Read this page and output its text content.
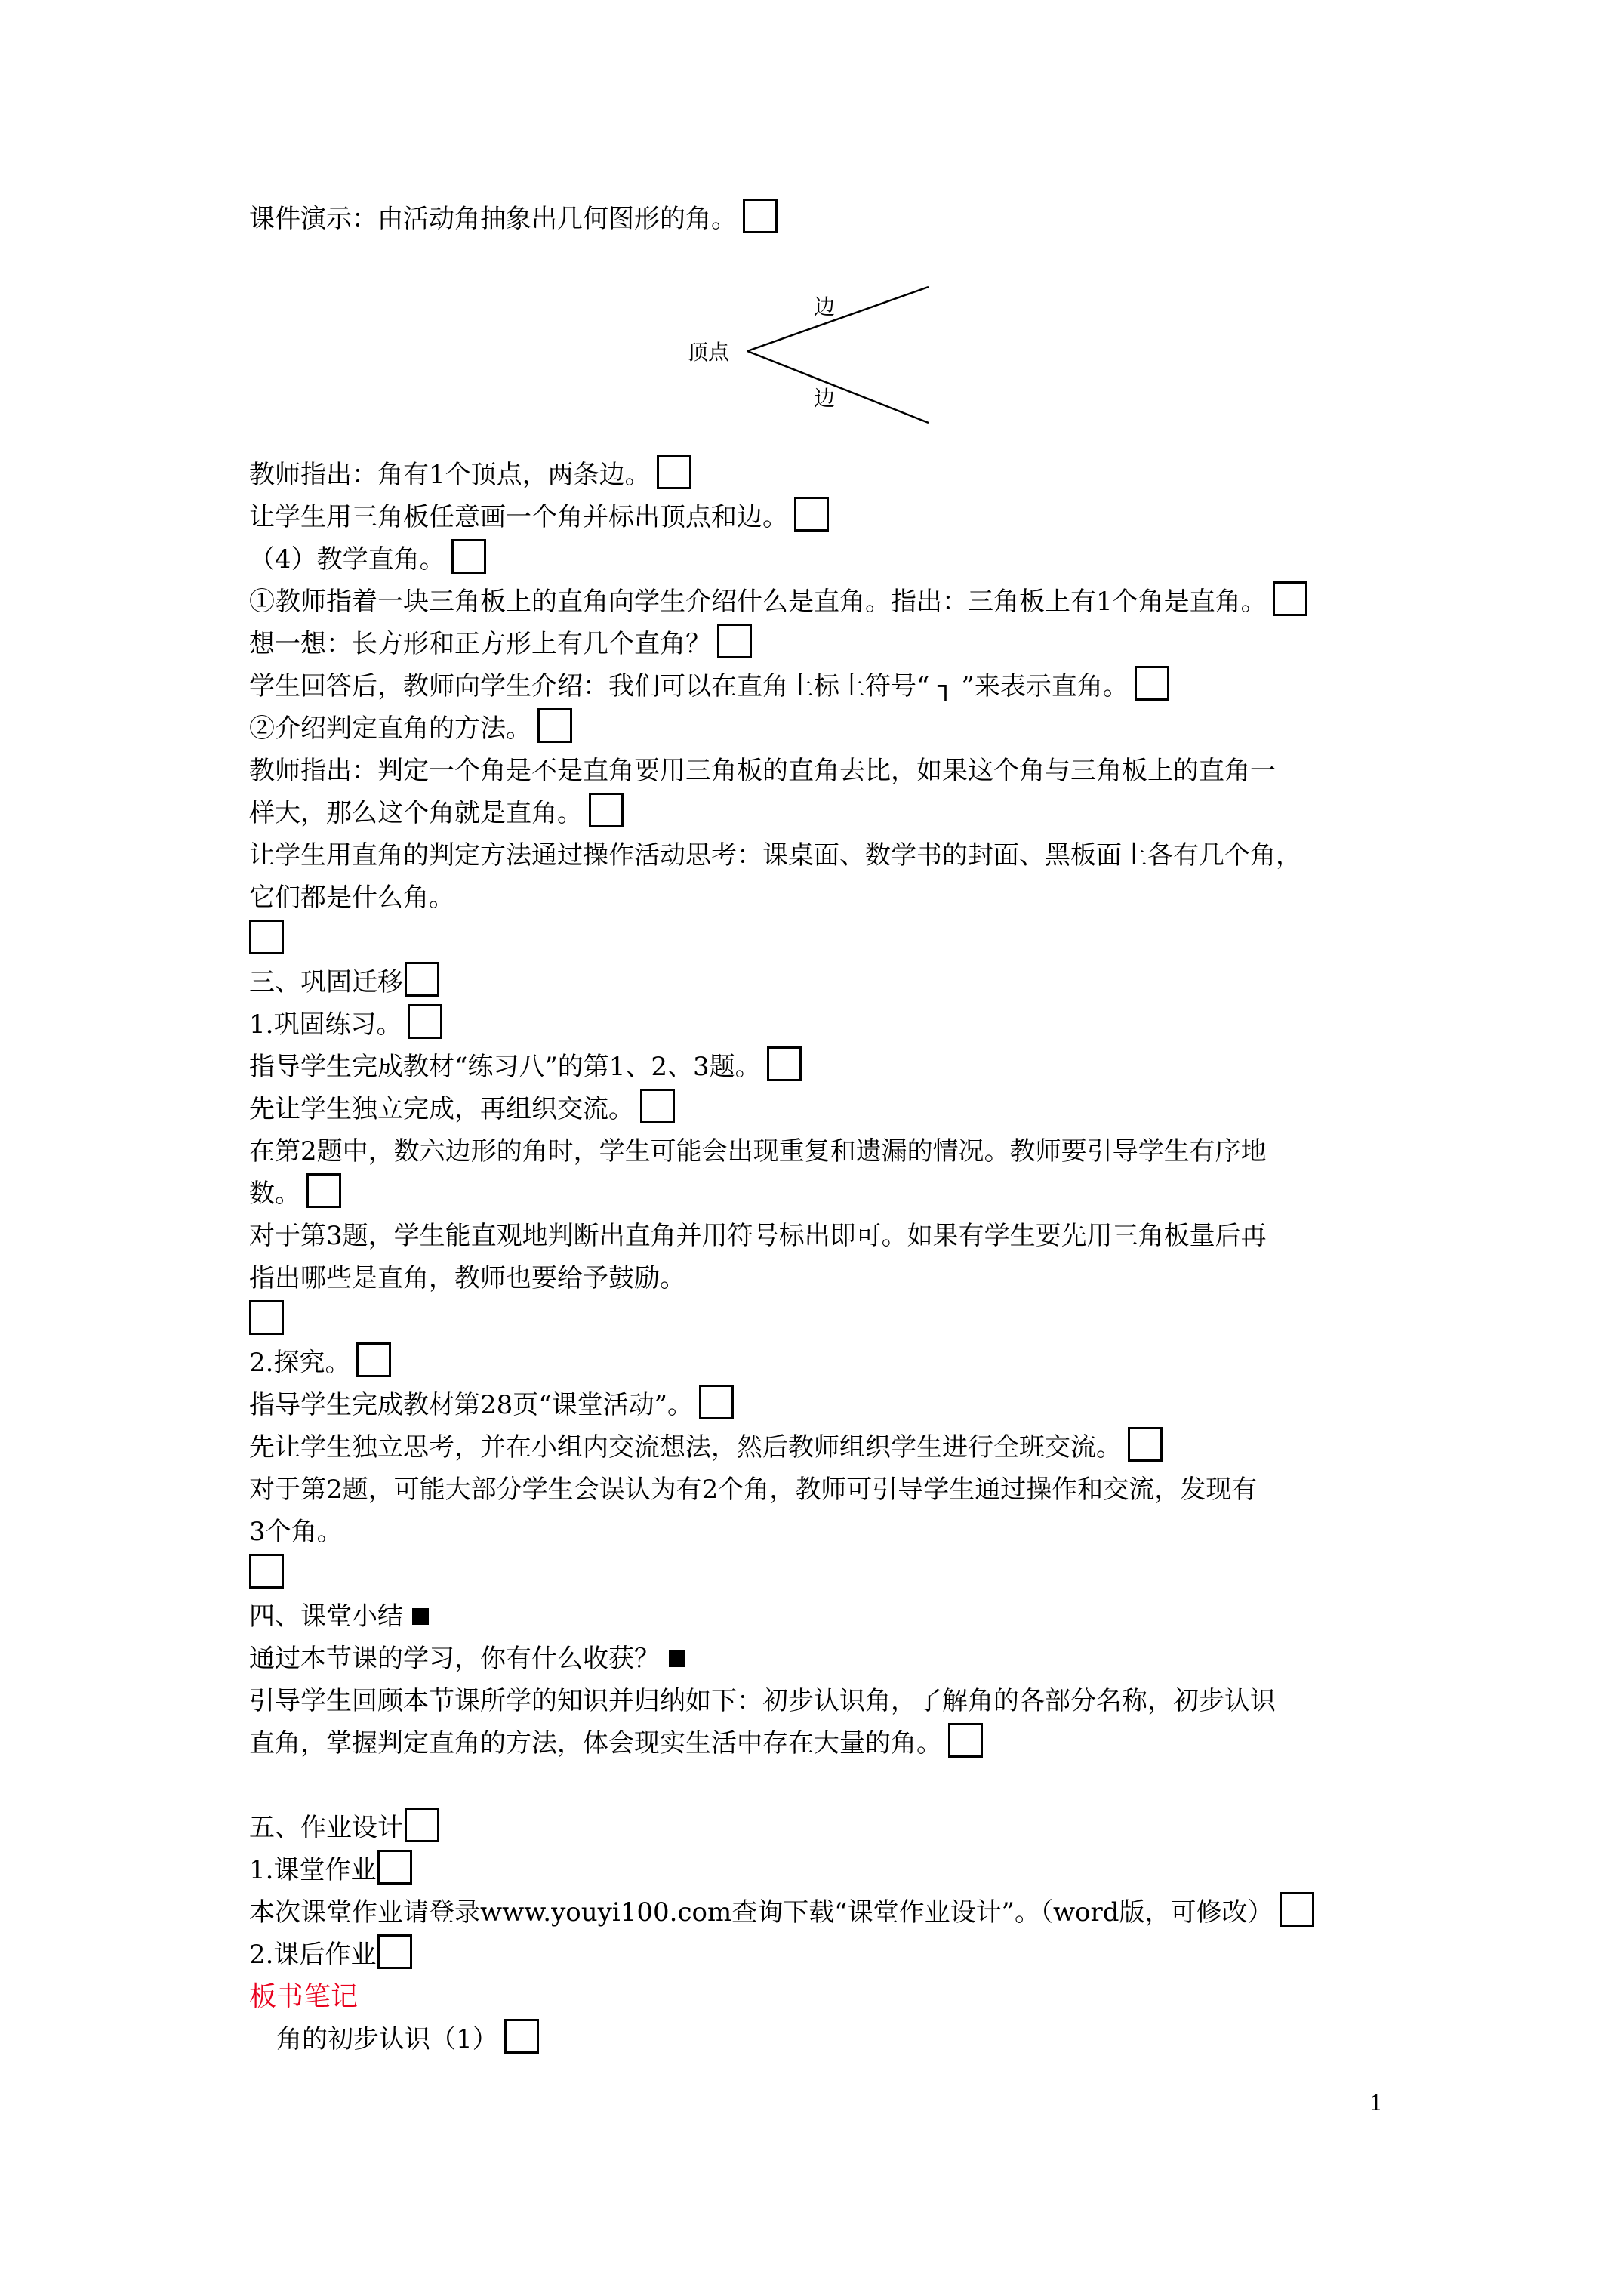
课件演示：由活动角抽象出几何图形的角。
顶点
边
边
教师指出：角有1个顶点，两条边。
让学生用三角板任意画一个角并标出顶点和边。
（4）教学直角。
①教师指着一块三角板上的直角向学生介绍什么是直角。指出：三角板上有1个角是直角。
想一想：长方形和正方形上有几个直角？
学生回答后，教师向学生介绍：我们可以在直角上标上符号“ ┐ ”来表示直角。
②介绍判定直角的方法。
教师指出：判定一个角是不是直角要用三角板的直角去比，如果这个角与三角板上的直角一
样大，那么这个角就是直角。
让学生用直角的判定方法通过操作活动思考：课桌面、数学书的封面、黑板面上各有几个角，
它们都是什么角。
三、巩固迁移
1.巩固练习。
指导学生完成教材“练习八”的第1、2、3题。
先让学生独立完成，再组织交流。
在第2题中，数六边形的角时，学生可能会出现重复和遗漏的情况。教师要引导学生有序地
数。
对于第3题，学生能直观地判断出直角并用符号标出即可。如果有学生要先用三角板量后再
指出哪些是直角，教师也要给予鼓励。
2.探究。
指导学生完成教材第28页“课堂活动”。
先让学生独立思考，并在小组内交流想法，然后教师组织学生进行全班交流。
对于第2题，可能大部分学生会误认为有2个角，教师可引导学生通过操作和交流，发现有
3个角。
四、课堂小结
通过本节课的学习，你有什么收获？
引导学生回顾本节课所学的知识并归纳如下：初步认识角，了解角的各部分名称，初步认识
直角，掌握判定直角的方法，体会现实生活中存在大量的角。
五、作业设计
1.课堂作业
本次课堂作业请登录www.youyi100.com查询下载“课堂作业设计”。（word版，可修改）
2.课后作业
板书笔记
角的初步认识（1）
1
